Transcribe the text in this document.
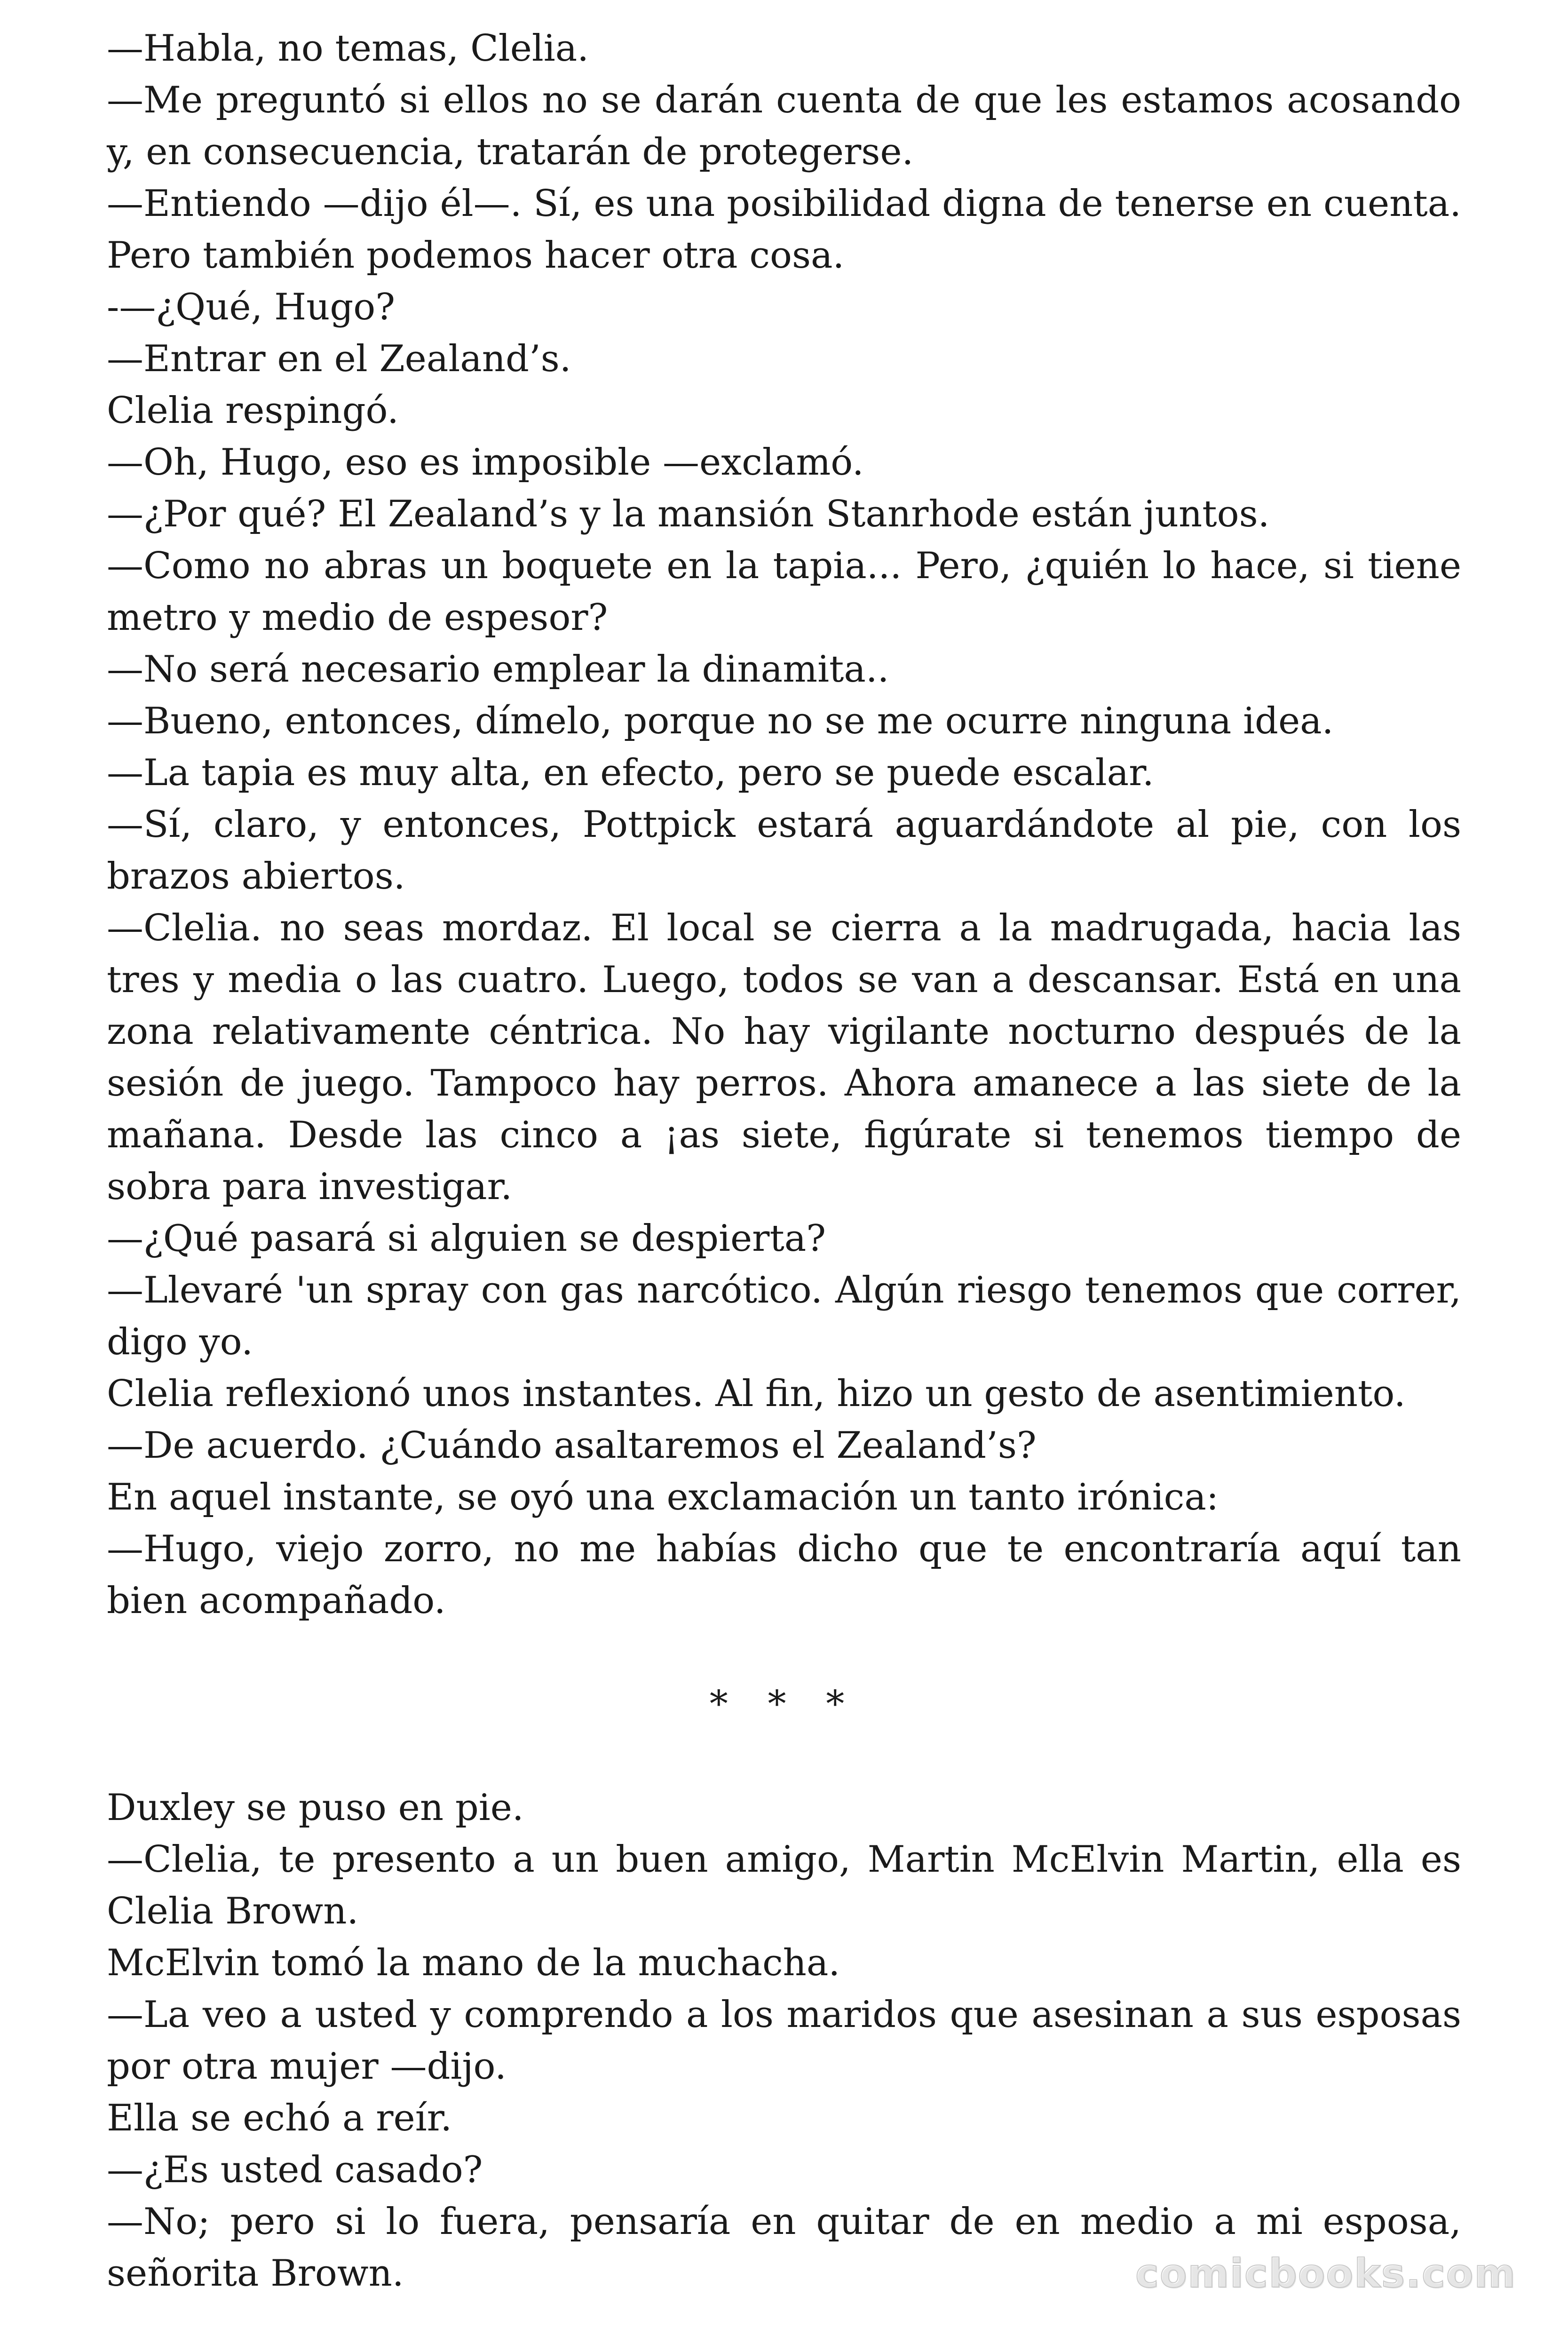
—Habla, no temas, Clelia.

—Me preguntó si ellos no se darán cuenta de que les estamos acosando y, en consecuencia, tratarán de protegerse.

—Entiendo —dijo él—. Sí, es una posibilidad digna de tenerse en cuenta. Pero también podemos hacer otra cosa.

-—¿Qué, Hugo?

—Entrar en el Zealand’s.

Clelia respingó.

—Oh, Hugo, eso es imposible —exclamó.

—¿Por qué? El Zealand’s y la mansión Stanrhode están juntos.

—Como no abras un boquete en la tapia... Pero, ¿quién lo hace, si tiene metro y medio de espesor?

—No será necesario emplear la dinamita..

—Bueno, entonces, dímelo, porque no se me ocurre ninguna idea.

—La tapia es muy alta, en efecto, pero se puede escalar.

—Sí, claro, y entonces, Pottpick estará aguardándote al pie, con los brazos abiertos.

—Clelia. no seas mordaz. El local se cierra a la madrugada, hacia las tres y media o las cuatro. Luego, todos se van a descansar. Está en una zona relativamente céntrica. No hay vigilante nocturno después de la sesión de juego. Tampoco hay perros. Ahora amanece a las siete de la mañana. Desde las cinco a ¡as siete, figúrate si tenemos tiempo de sobra para investigar.

—¿Qué pasará si alguien se despierta?

—Llevaré 'un spray con gas narcótico. Algún riesgo tenemos que correr, digo yo.

Clelia reflexionó unos instantes. Al fin, hizo un gesto de asentimiento.

—De acuerdo. ¿Cuándo asaltaremos el Zealand’s?

En aquel instante, se oyó una exclamación un tanto irónica:

—Hugo, viejo zorro, no me habías dicho que te encontraría aquí tan bien acompañado.

* * *

Duxley se puso en pie.

—Clelia, te presento a un buen amigo, Martin McElvin Martin, ella es Clelia Brown.

McElvin tomó la mano de la muchacha.

—La veo a usted y comprendo a los maridos que asesinan a sus esposas por otra mujer —dijo.

Ella se echó a reír.

—¿Es usted casado?

—No; pero si lo fuera, pensaría en quitar de en medio a mi esposa, señorita Brown.	comicbooks.com
